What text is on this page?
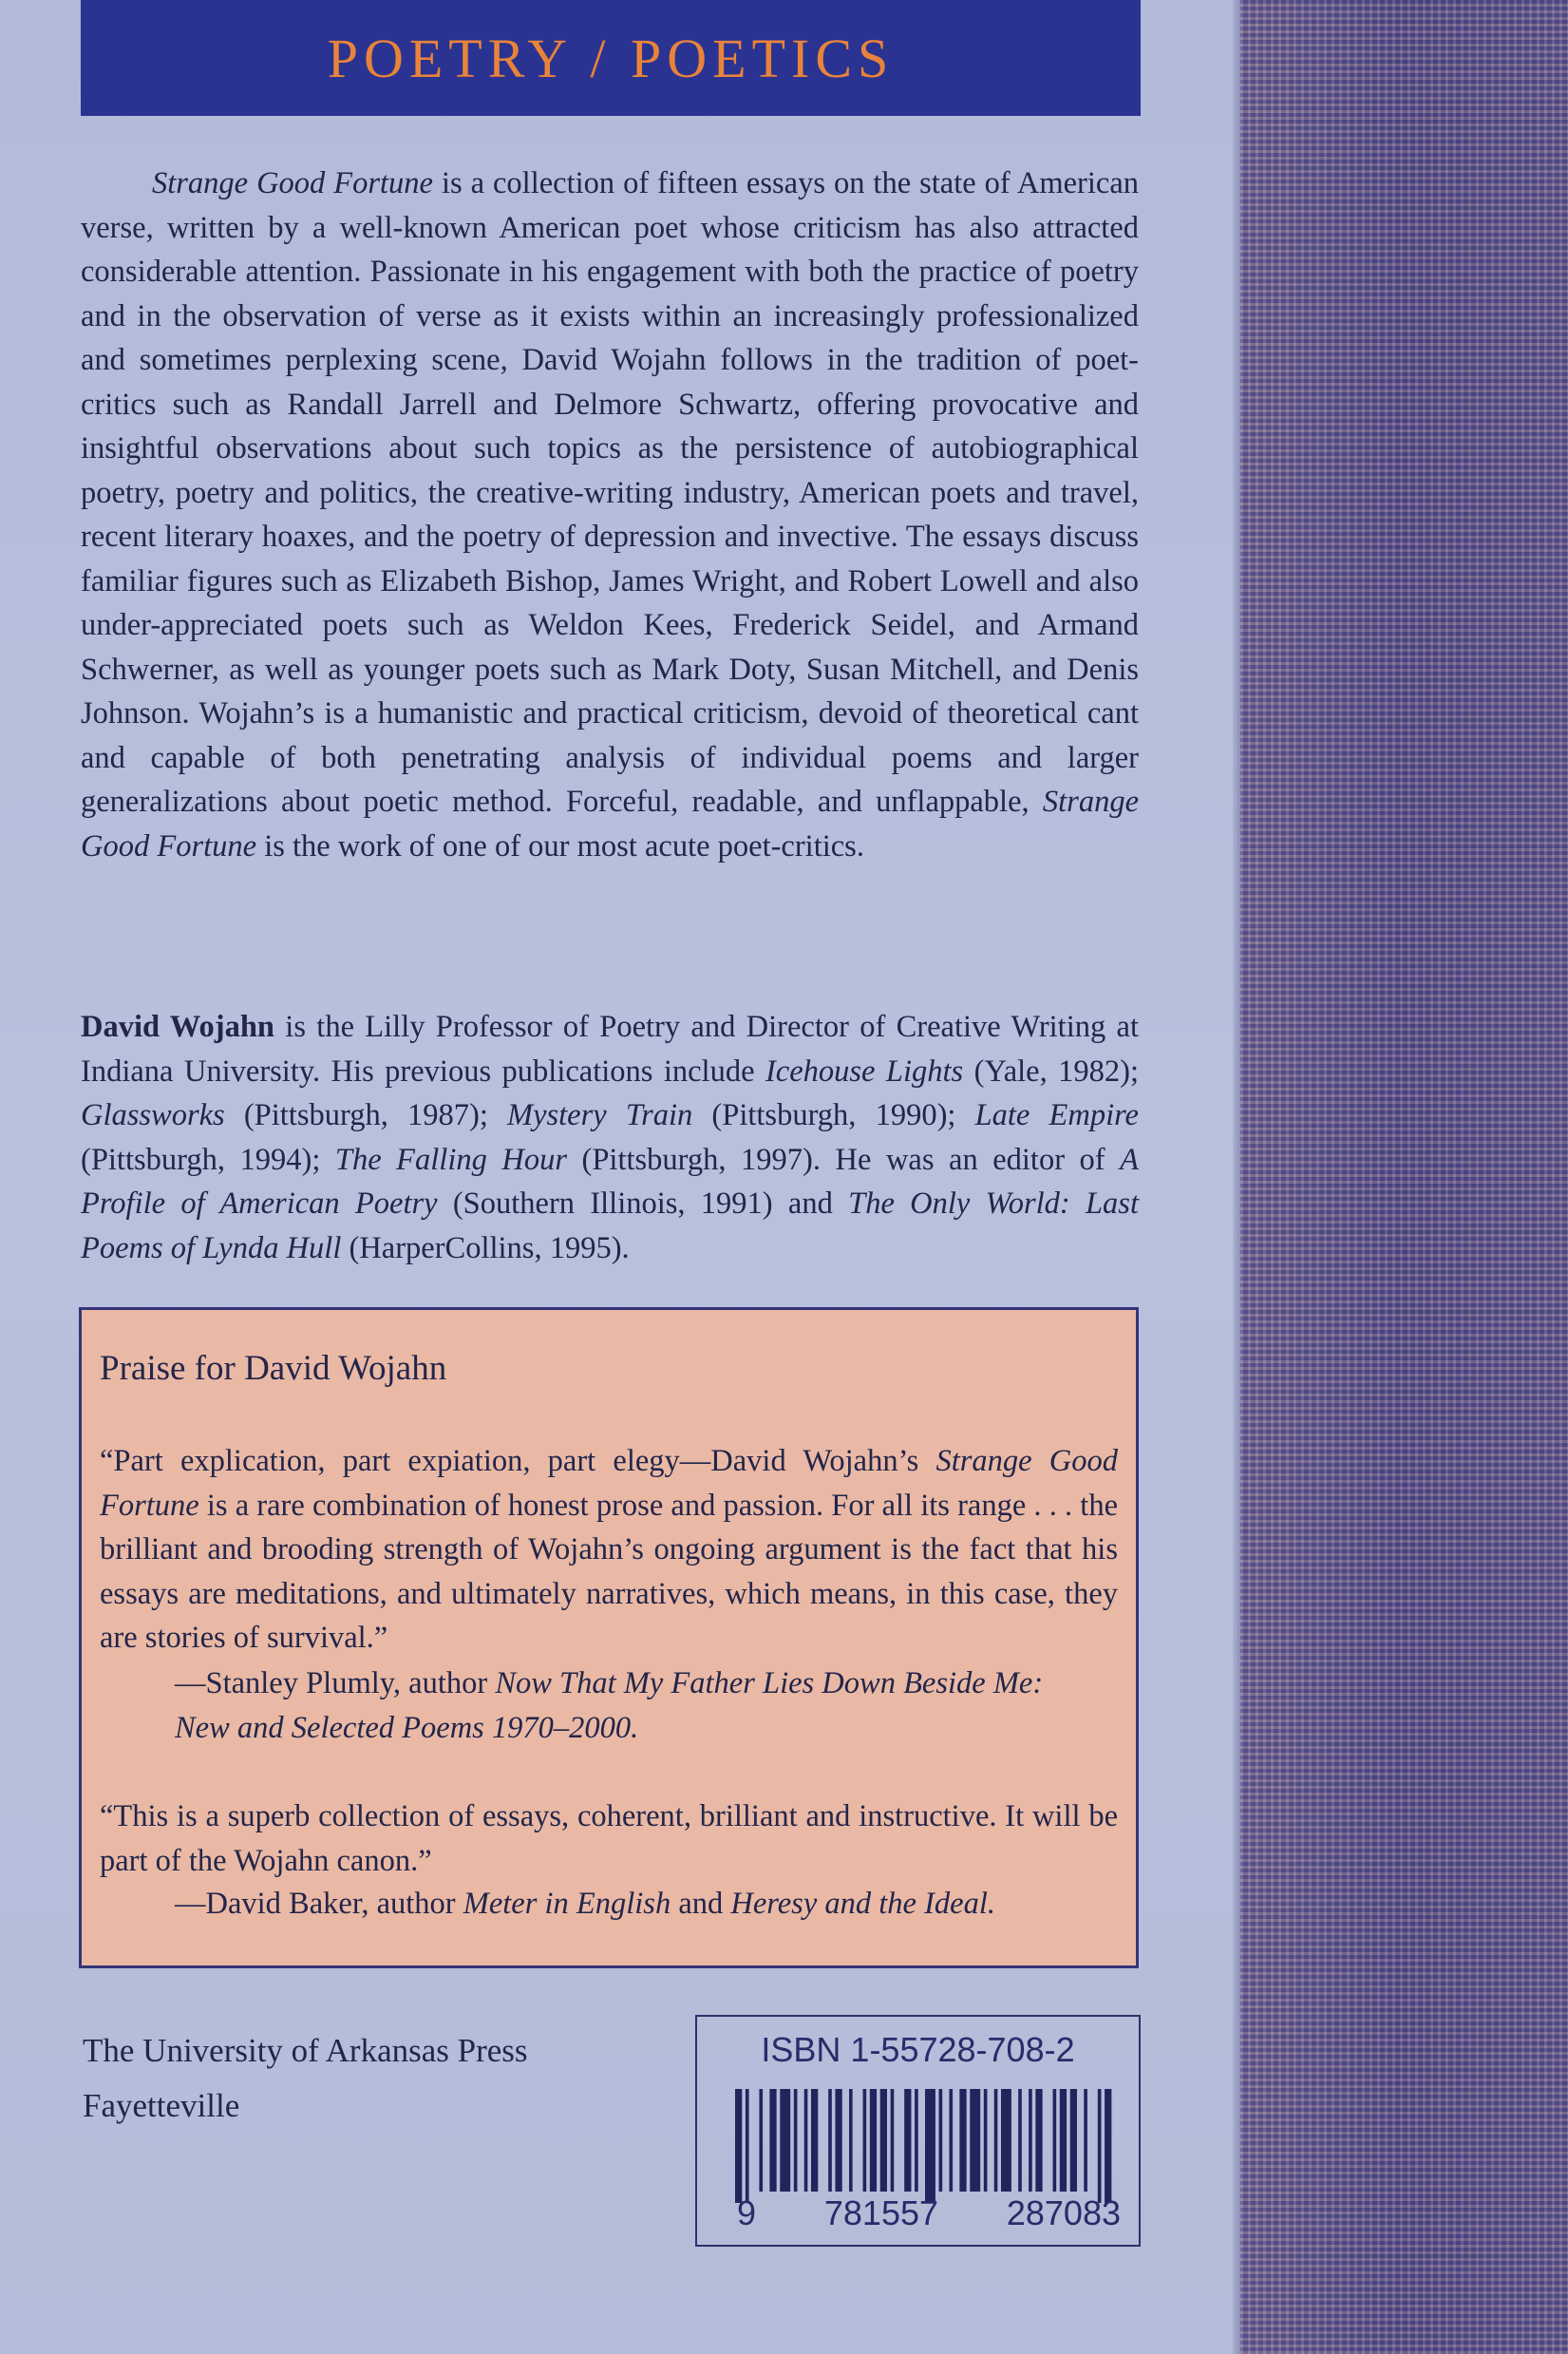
POETRY / POETICS

Strange Good Fortune is a collection of fifteen essays on the state of American verse, written by a well-known American poet whose criticism has also attracted considerable attention. Passionate in his engagement with both the practice of poetry and in the observation of verse as it exists within an increasingly professionalized and sometimes perplexing scene, David Wojahn follows in the tradition of poet-critics such as Randall Jarrell and Delmore Schwartz, offering provocative and insightful observations about such topics as the persistence of autobiographical poetry, poetry and politics, the creative-writing industry, American poets and travel, recent literary hoaxes, and the poetry of depression and invective. The essays discuss familiar figures such as Elizabeth Bishop, James Wright, and Robert Lowell and also under-appreciated poets such as Weldon Kees, Frederick Seidel, and Armand Schwerner, as well as younger poets such as Mark Doty, Susan Mitchell, and Denis Johnson. Wojahn’s is a humanistic and practical criticism, devoid of theoretical cant and capable of both penetrating analysis of individual poems and larger generalizations about poetic method. Forceful, readable, and unflappable, Strange Good Fortune is the work of one of our most acute poet-critics.

David Wojahn is the Lilly Professor of Poetry and Director of Creative Writing at Indiana University. His previous publications include Icehouse Lights (Yale, 1982); Glassworks (Pittsburgh, 1987); Mystery Train (Pittsburgh, 1990); Late Empire (Pittsburgh, 1994); The Falling Hour (Pittsburgh, 1997). He was an editor of A Profile of American Poetry (Southern Illinois, 1991) and The Only World: Last Poems of Lynda Hull (HarperCollins, 1995).

Praise for David Wojahn

“Part explication, part expiation, part elegy—David Wojahn’s Strange Good Fortune is a rare combination of honest prose and passion. For all its range . . . the brilliant and brooding strength of Wojahn’s ongoing argument is the fact that his essays are meditations, and ultimately narratives, which means, in this case, they are stories of survival.”

—Stanley Plumly, author Now That My Father Lies Down Beside Me: New and Selected Poems 1970–2000.

“This is a superb collection of essays, coherent, brilliant and instructive. It will be part of the Wojahn canon.”

—David Baker, author Meter in English and Heresy and the Ideal.

The University of Arkansas Press
Fayetteville
ISBN 1-55728-708-2
9 781557 287083
